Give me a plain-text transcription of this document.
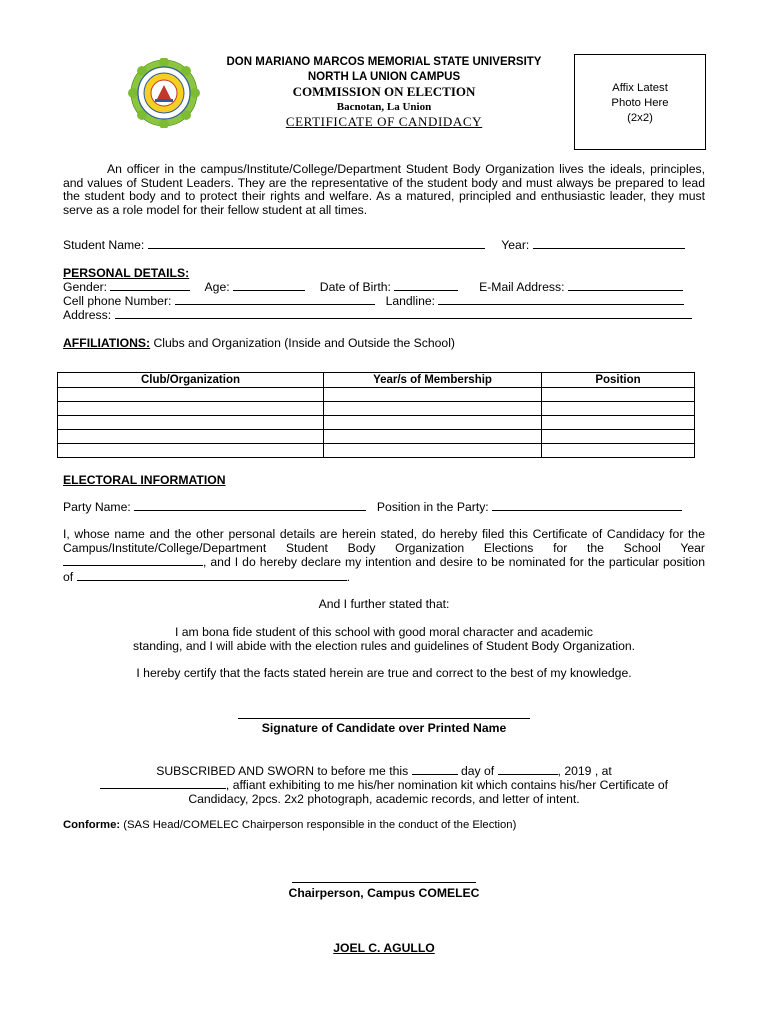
DON MARIANO MARCOS MEMORIAL STATE UNIVERSITY
NORTH LA UNION CAMPUS
COMMISSION ON ELECTION
Bacnotan, La Union
CERTIFICATE OF CANDIDACY
Affix Latest
Photo Here
(2x2)
An officer in the campus/Institute/College/Department Student Body Organization lives the ideals, principles, and values of Student Leaders. They are the representative of the student body and must always be prepared to lead the student body and to protect their rights and welfare. As a matured, principled and enthusiastic leader, they must serve as a role model for their fellow student at all times.
Student Name:	Year:
PERSONAL DETAILS:
Gender:	Age:	Date of Birth:	E-Mail Address:
Cell phone Number:	Landline:
Address:
AFFILIATIONS: Clubs and Organization (Inside and Outside the School)
Club/Organization	Year/s of Membership	Position

ELECTORAL INFORMATION
Party Name:	Position in the Party:
I, whose name and the other personal details are herein stated, do hereby filed this Certificate of Candidacy for the Campus/Institute/College/Department Student Body Organization Elections for the School Year , and I do hereby declare my intention and desire to be nominated for the particular position of	.
And I further stated that:
I am bona fide student of this school with good moral character and academic
standing, and I will abide with the election rules and guidelines of Student Body Organization.
I hereby certify that the facts stated herein are true and correct to the best of my knowledge.
Signature of Candidate over Printed Name
SUBSCRIBED AND SWORN to before me this	day of	, 2019 , at
, affiant exhibiting to me his/her nomination kit which contains his/her Certificate of
Candidacy, 2pcs. 2x2 photograph, academic records, and letter of intent.
Conforme: (SAS Head/COMELEC Chairperson responsible in the conduct of the Election)
Chairperson, Campus COMELEC
JOEL C. AGULLO
